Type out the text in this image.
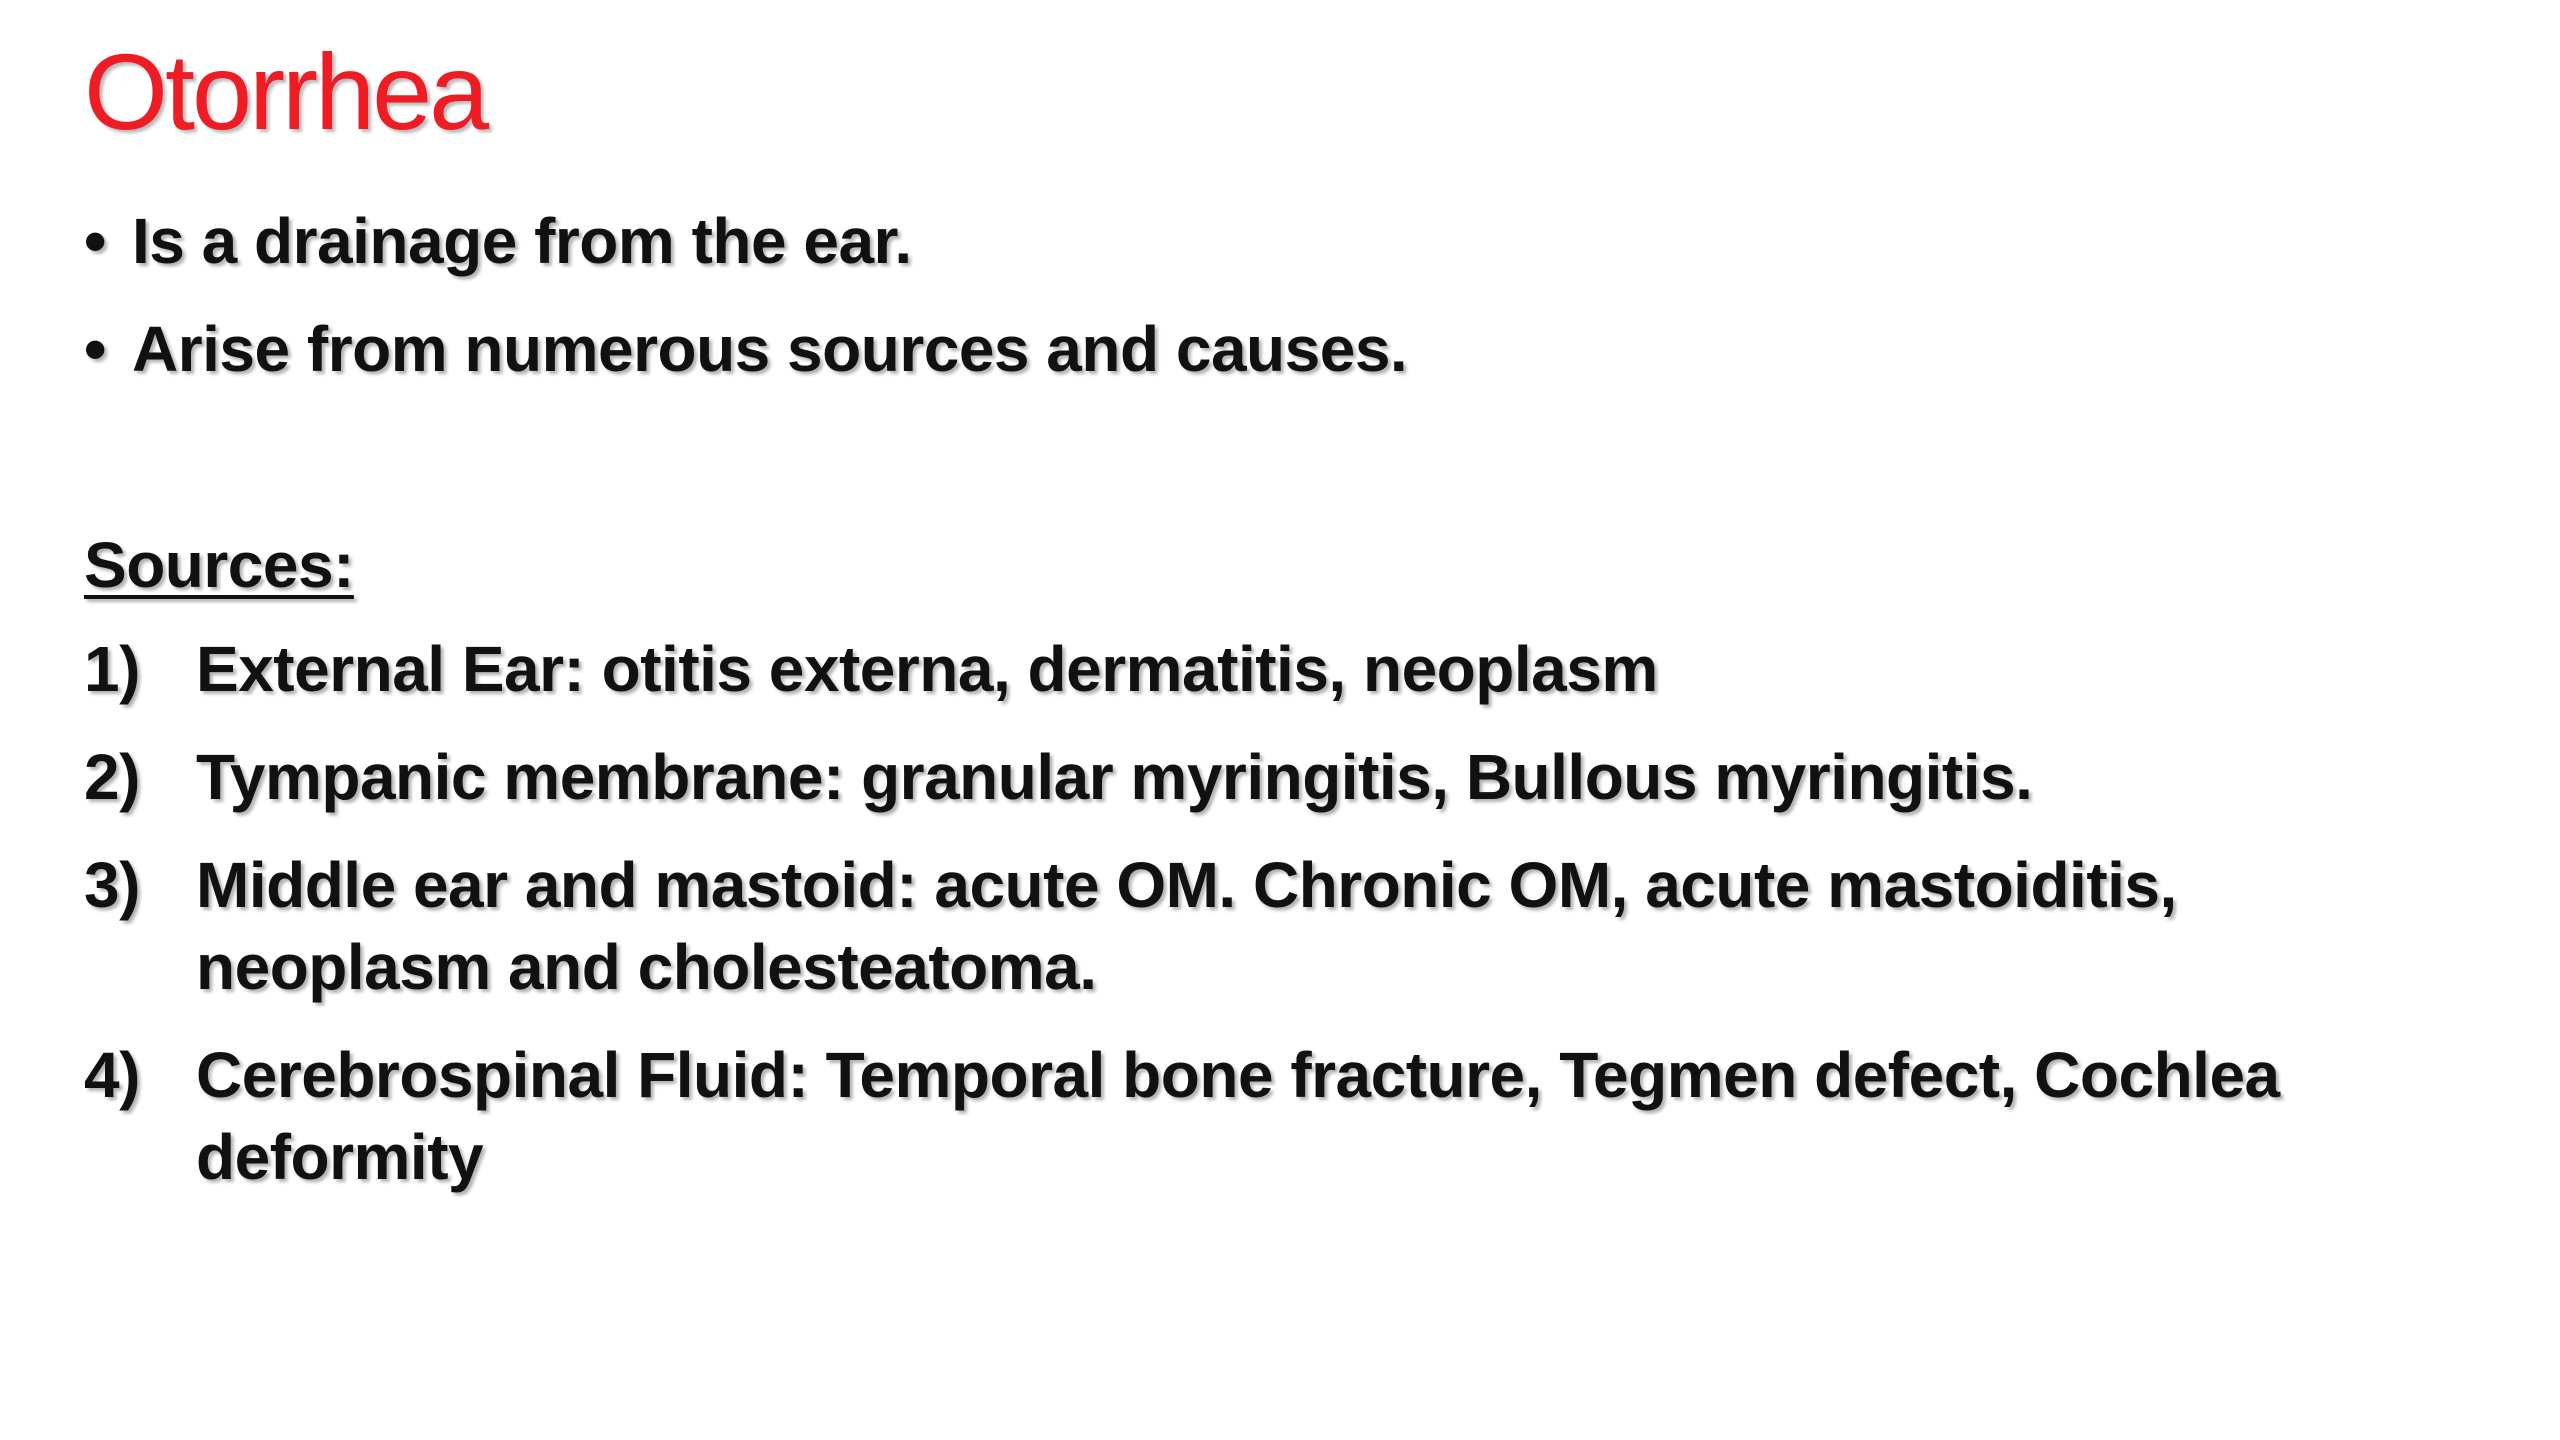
Otorrhea
• Is a drainage from the ear.
• Arise from numerous sources and causes.
Sources:
1) External Ear: otitis externa, dermatitis, neoplasm
2) Tympanic membrane: granular myringitis, Bullous myringitis.
3) Middle ear and mastoid: acute OM. Chronic OM, acute mastoiditis, neoplasm and cholesteatoma.
4) Cerebrospinal Fluid: Temporal bone fracture, Tegmen defect, Cochlea deformity
